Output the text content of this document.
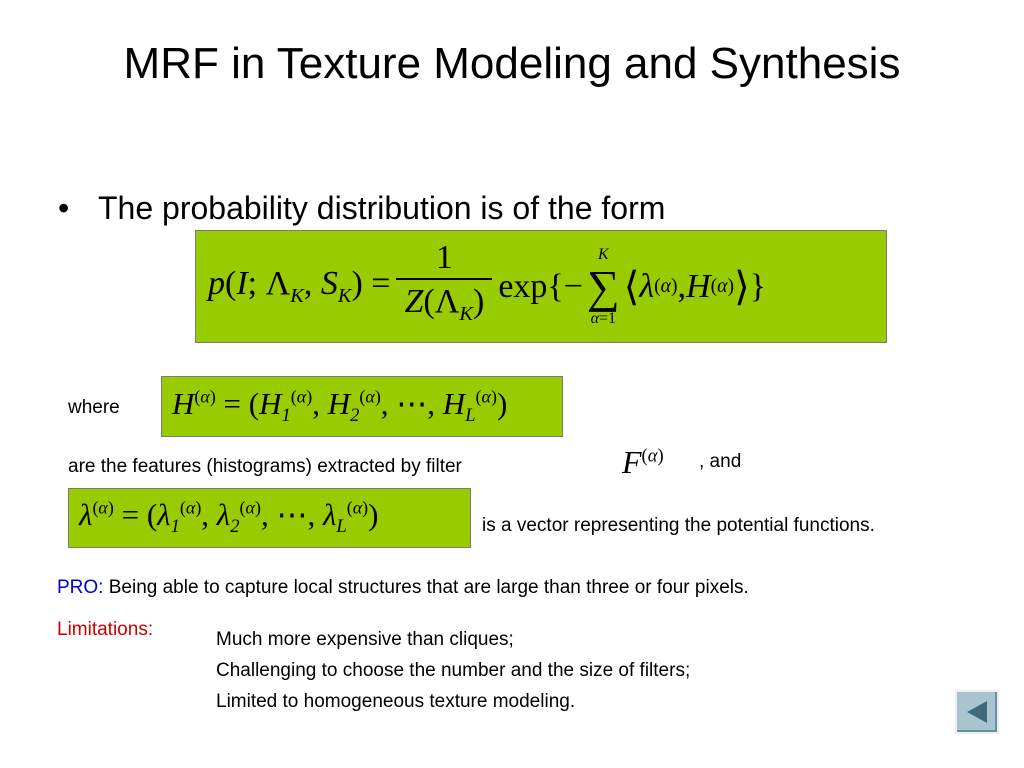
MRF in Texture Modeling and Synthesis
• The probability distribution is of the form
p(I; $\Lambda_K$, $S_K) = \frac{1}{Z(\Lambda_K)} \exp\{-$
K
∑
α=1
⟨ λ (α) , H (α) ⟩ }
where $H^{(\alpha)} = (H_1^{(\alpha)}$, $H_2^{(\alpha)}$, ⋯, $H_L^{(\alpha)}$)
are the features (histograms) extracted by filter	$F^{(\alpha)}$ , and
$\lambda^{(\alpha)} = (\lambda_1^{(\alpha)}$, $\lambda_2^{(\alpha)}$, ⋯, $\lambda_L^{(\alpha)}$)	is a vector representing the potential functions.
PRO: Being able to capture local structures that are large than three or four pixels.
Limitations:	Much more expensive than cliques;
Challenging to choose the number and the size of filters;
Limited to homogeneous texture modeling.
